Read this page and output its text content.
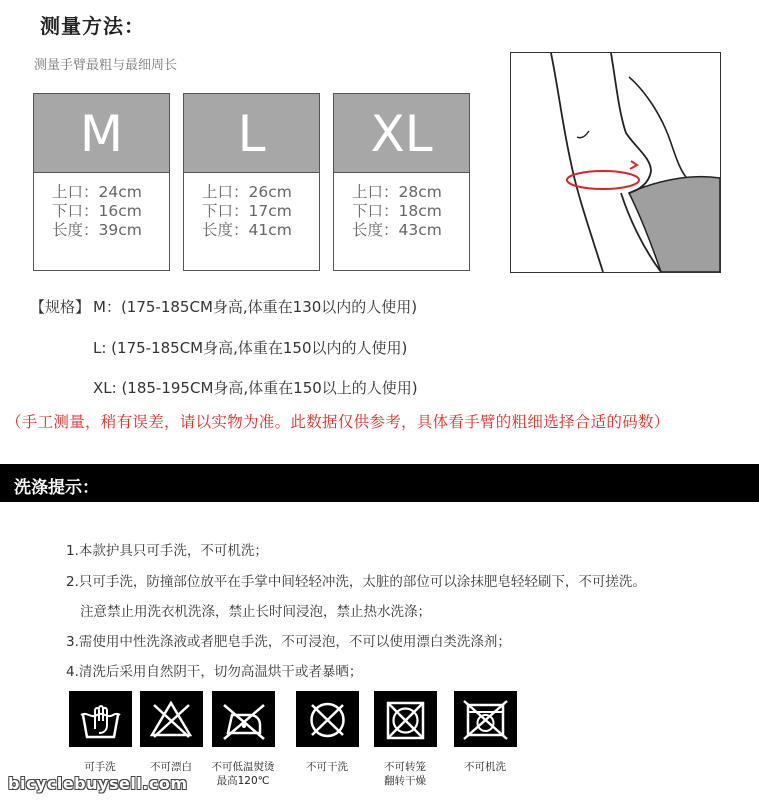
测量方法：
测量手臂最粗与最细周长
M
上口：24cm
下口：16cm
长度：39cm
L
上口：26cm
下口：17cm
长度：41cm
XL
上口：28cm
下口：18cm
长度：43cm
【规格】 M：(175-185CM身高,体重在130以内的人使用)
L: (175-185CM身高,体重在150以内的人使用)
XL: (185-195CM身高,体重在150以上的人使用)
（手工测量，稍有误差，请以实物为准。此数据仅供参考，具体看手臂的粗细选择合适的码数）
洗涤提示：
1.本款护具只可手洗，不可机洗；
2.只可手洗，防撞部位放平在手掌中间轻轻冲洗，太脏的部位可以涂抹肥皂轻轻刷下，不可搓洗。
注意禁止用洗衣机洗涤，禁止长时间浸泡，禁止热水洗涤；
3.需使用中性洗涤液或者肥皂手洗，不可浸泡，不可以使用漂白类洗涤剂；
4.清洗后采用自然阴干，切勿高温烘干或者暴晒；
可手洗	不可漂白	不可低温熨烫
最高120℃
不可干洗	不可转笼
翻转干燥
不可机洗
bicyclebuysell.com
